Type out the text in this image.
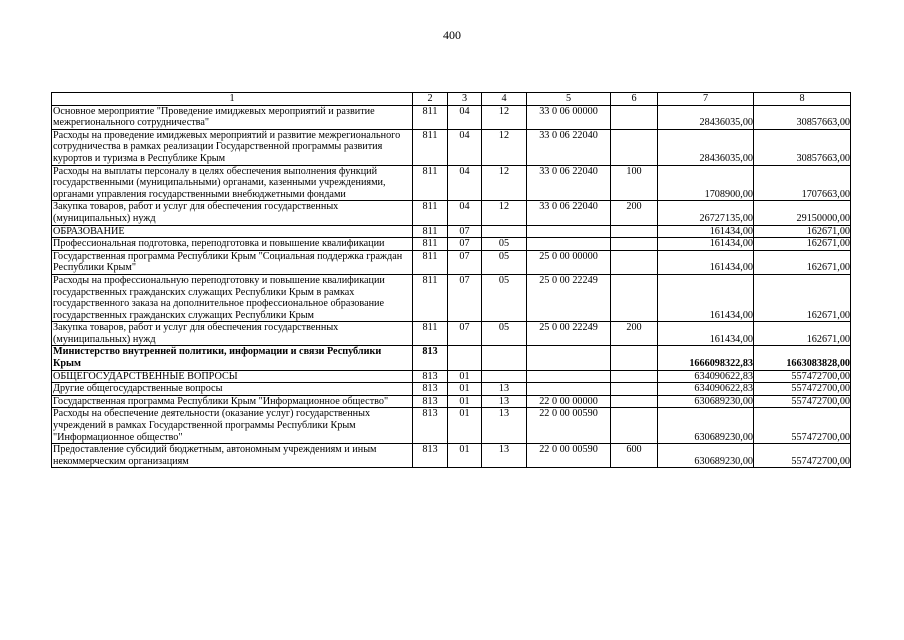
400
1	2	3	4	5	6	7	8
Основное мероприятие "Проведение имиджевых мероприятий и развитие межрегионального сотрудничества"	811	04	12	33 0 06 00000		28436035,00	30857663,00
Расходы на проведение имиджевых мероприятий и развитие межрегионального сотрудничества в рамках реализации Государственной программы развития курортов и туризма в Республике Крым	811	04	12	33 0 06 22040		28436035,00	30857663,00
Расходы на выплаты персоналу в целях обеспечения выполнения функций государственными (муниципальными) органами, казенными учреждениями, органами управления государственными внебюджетными фондами	811	04	12	33 0 06 22040	100	1708900,00	1707663,00
Закупка товаров, работ и услуг для обеспечения государственных (муниципальных) нужд	811	04	12	33 0 06 22040	200	26727135,00	29150000,00
ОБРАЗОВАНИЕ	811	07				161434,00	162671,00
Профессиональная подготовка, переподготовка и повышение квалификации	811	07	05			161434,00	162671,00
Государственная программа Республики Крым "Социальная поддержка граждан Республики Крым"	811	07	05	25 0 00 00000		161434,00	162671,00
Расходы на профессиональную переподготовку и повышение квалификации государственных гражданских служащих Республики Крым в рамках государственного заказа на дополнительное профессиональное образование государственных гражданских служащих Республики Крым	811	07	05	25 0 00 22249		161434,00	162671,00
Закупка товаров, работ и услуг для обеспечения государственных (муниципальных) нужд	811	07	05	25 0 00 22249	200	161434,00	162671,00
Министерство внутренней политики, информации и связи Республики Крым	813					1666098322,83	1663083828,00
ОБЩЕГОСУДАРСТВЕННЫЕ ВОПРОСЫ	813	01				634090622,83	557472700,00
Другие общегосударственные вопросы	813	01	13			634090622,83	557472700,00
Государственная программа Республики Крым "Информационное общество"	813	01	13	22 0 00 00000		630689230,00	557472700,00
Расходы на обеспечение деятельности (оказание услуг) государственных учреждений в рамках Государственной программы Республики Крым "Информационное общество"	813	01	13	22 0 00 00590		630689230,00	557472700,00
Предоставление субсидий бюджетным, автономным учреждениям и иным некоммерческим организациям	813	01	13	22 0 00 00590	600	630689230,00	557472700,00
